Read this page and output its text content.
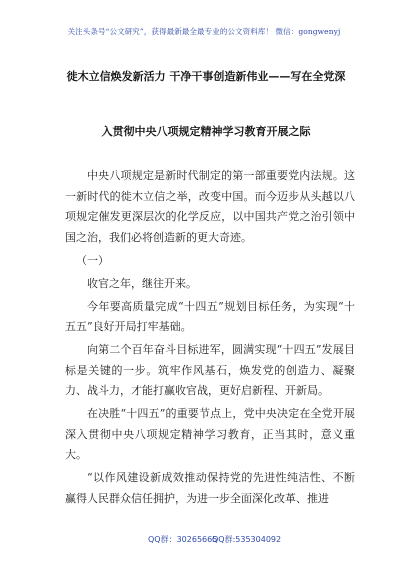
关注头条号“公文研究”，获得最新最全最专业的公文资料库！ 微信：gongwenyj
徙木立信焕发新活力 干净干事创造新伟业——写在全党深
入贯彻中央八项规定精神学习教育开展之际

中央八项规定是新时代制定的第一部重要党内法规。这一新时代的徙木立信之举，改变中国。而今迈步从头越以八项规定催发更深层次的化学反应，以中国共产党之治引领中国之治，我们必将创造新的更大奇迹。

（一）

收官之年，继往开来。

今年要高质量完成“十四五”规划目标任务，为实现“十五五”良好开局打牢基础。

向第二个百年奋斗目标进军，圆满实现“十四五”发展目标是关键的一步。筑牢作风基石，焕发党的创造力、凝聚力、战斗力，才能打赢收官战，更好启新程、开新局。

在决胜“十四五”的重要节点上，党中央决定在全党开展深入贯彻中央八项规定精神学习教育，正当其时，意义重大。

“以作风建设新成效推动保持党的先进性纯洁性、不断赢得人民群众信任拥护，为进一步全面深化改革、推进

QQ群：30265665
QQ群:535304092
